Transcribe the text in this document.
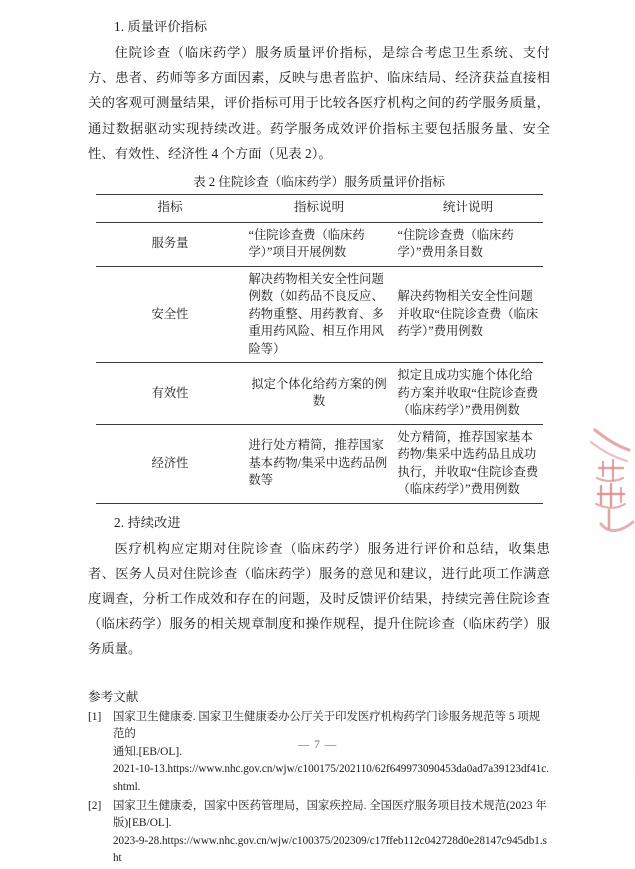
1. 质量评价指标

住院诊查（临床药学）服务质量评价指标，是综合考虑卫生系统、支付方、患者、药师等多方面因素，反映与患者监护、临床结局、经济获益直接相关的客观可测量结果，评价指标可用于比较各医疗机构之间的药学服务质量，通过数据驱动实现持续改进。药学服务成效评价指标主要包括服务量、安全性、有效性、经济性 4 个方面（见表 2）。

表 2 住院诊查（临床药学）服务质量评价指标
指标	指标说明	统计说明
服务量	“住院诊查费（临床药学）”项目开展例数	“住院诊查费（临床药学）”费用条目数
安全性	解决药物相关安全性问题例数（如药品不良反应、药物重整、用药教育、多重用药风险、相互作用风险等）	解决药物相关安全性问题并收取“住院诊查费（临床药学）”费用例数
有效性	拟定个体化给药方案的例数	拟定且成功实施个体化给药方案并收取“住院诊查费（临床药学）”费用例数
经济性	进行处方精简，推荐国家基本药物/集采中选药品例数等	处方精简，推荐国家基本药物/集采中选药品且成功执行，并收取“住院诊查费（临床药学）”费用例数
2. 持续改进

医疗机构应定期对住院诊查（临床药学）服务进行评价和总结，收集患者、医务人员对住院诊查（临床药学）服务的意见和建议，进行此项工作满意度调查，分析工作成效和存在的问题，及时反馈评价结果，持续完善住院诊查（临床药学）服务的相关规章制度和操作规程，提升住院诊查（临床药学）服务质量。

参考文献
[1]	国家卫生健康委. 国家卫生健康委办公厅关于印发医疗机构药学门诊服务规范等 5 项规范的
通知.[EB/OL].
2021-10-13.https://www.nhc.gov.cn/wjw/c100175/202110/62f649973090453da0ad7a39123df41c.shtml.
[2]	国家卫生健康委，国家中医药管理局，国家疾控局. 全国医疗服务项目技术规范(2023 年
版)[EB/OL].
2023-9-28.https://www.nhc.gov.cn/wjw/c100375/202309/c17ffeb112c042728d0e28147c945db1.sht
— 7 —
